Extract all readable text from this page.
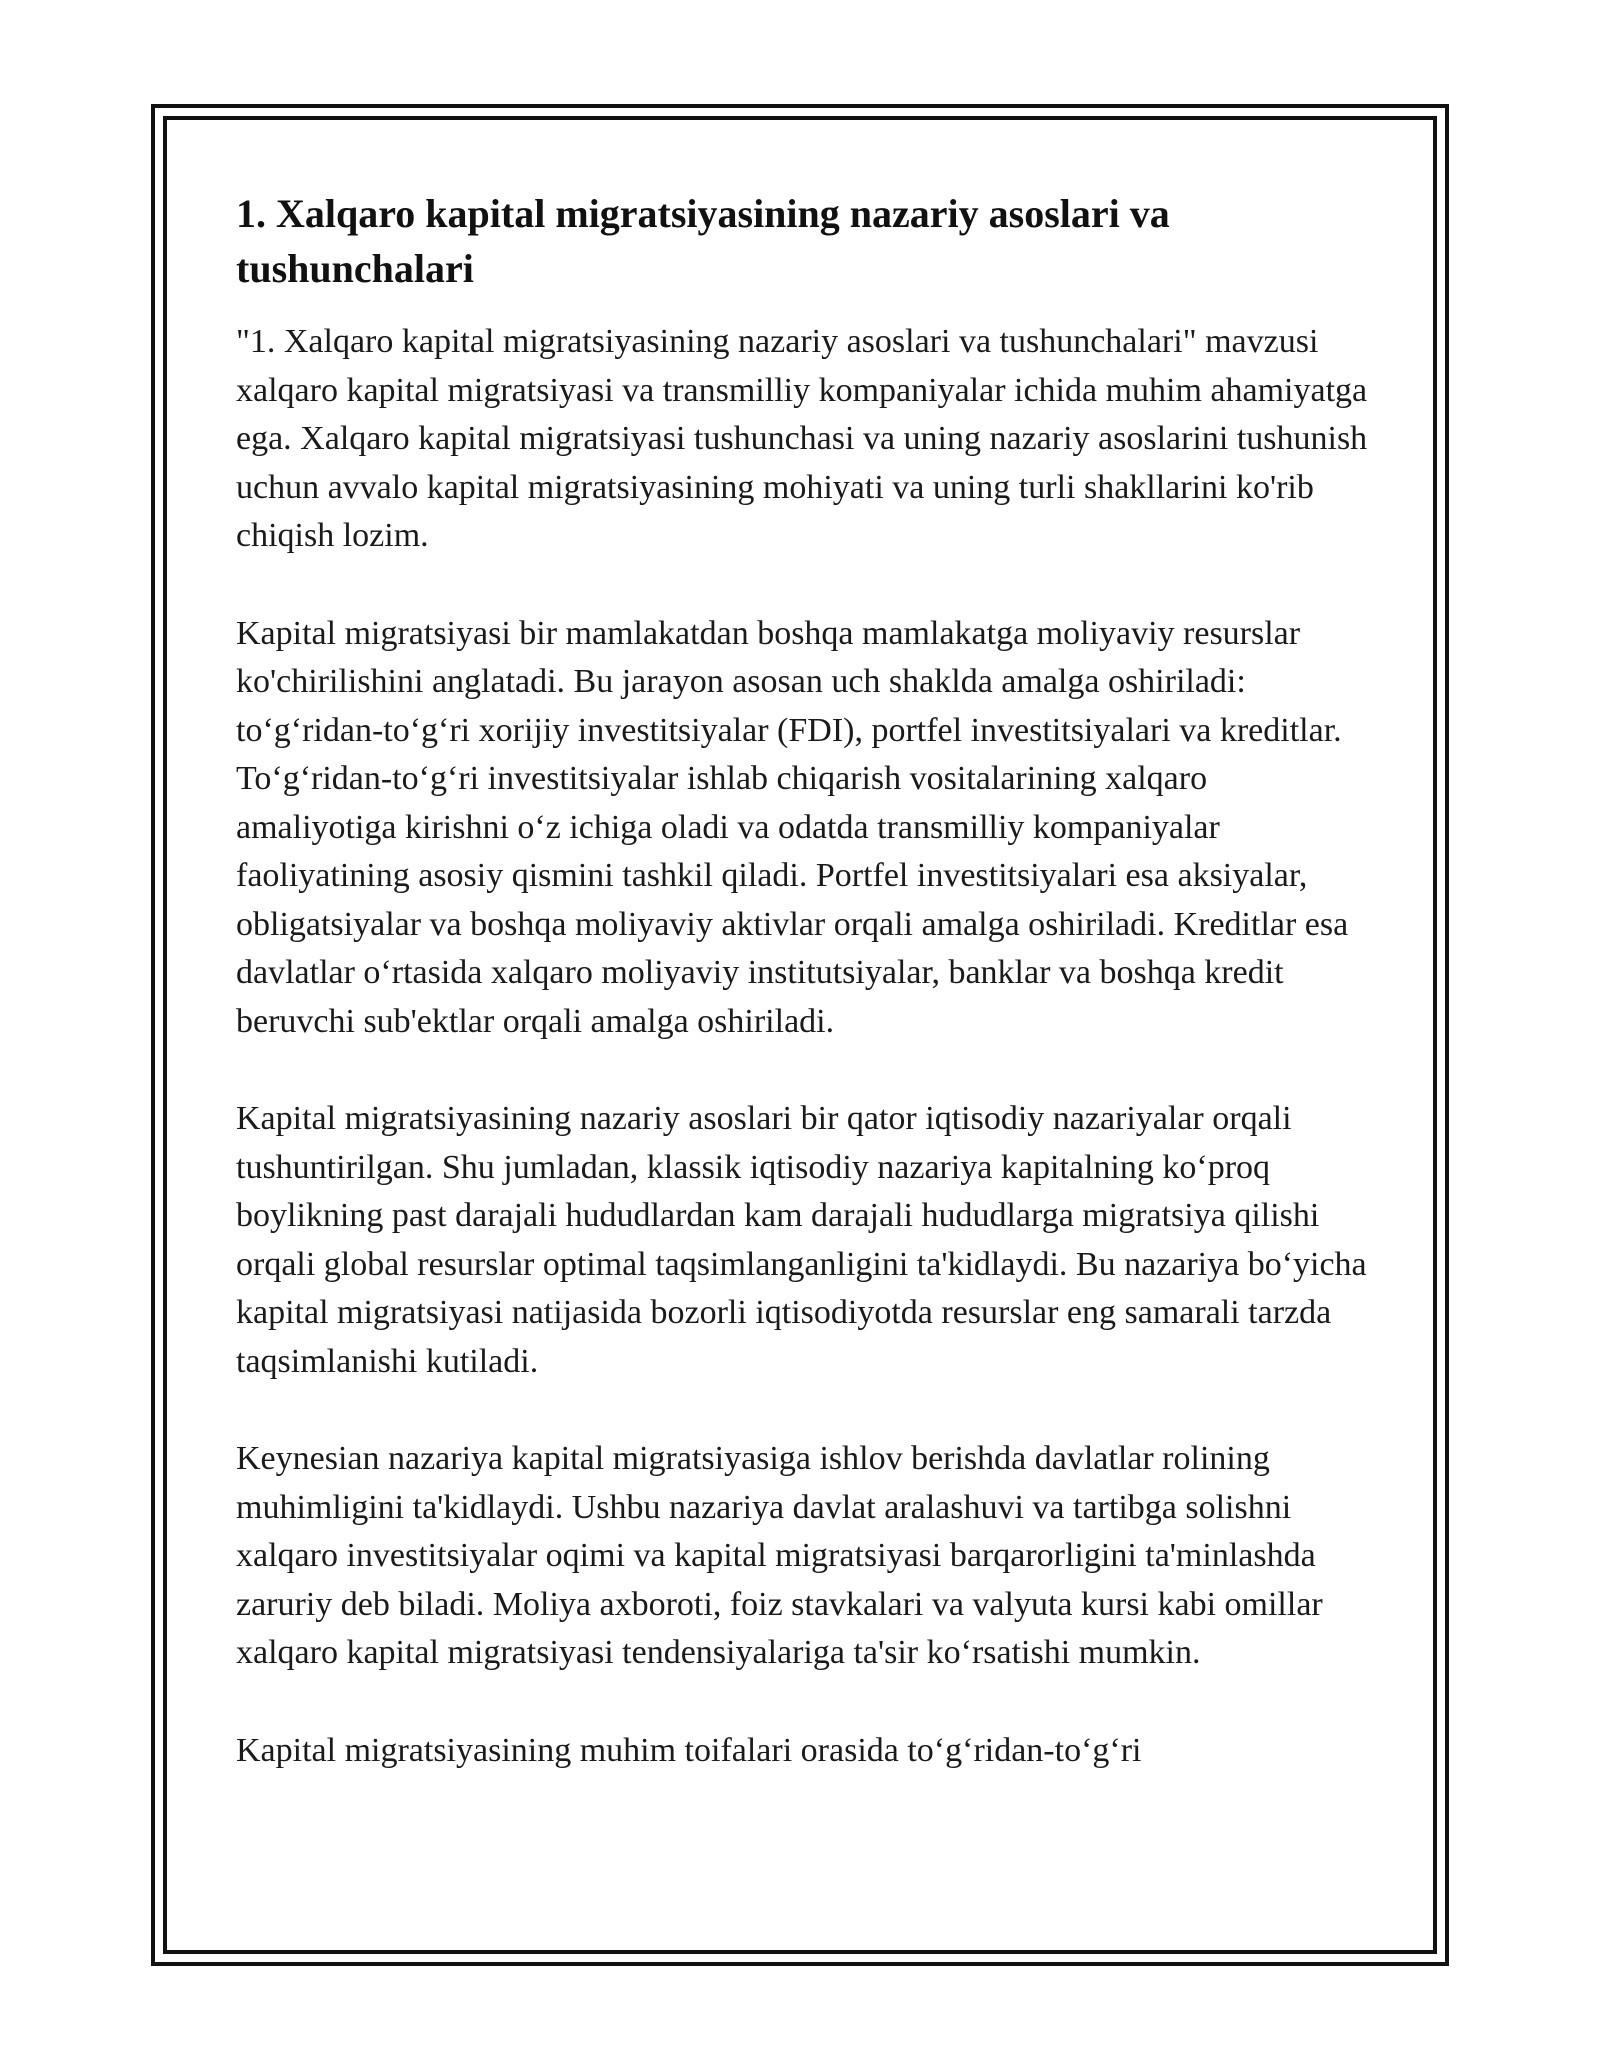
1. Xalqaro kapital migratsiyasining nazariy asoslari va tushunchalari

"1. Xalqaro kapital migratsiyasining nazariy asoslari va tushunchalari" mavzusi xalqaro kapital migratsiyasi va transmilliy kompaniyalar ichida muhim ahamiyatga ega. Xalqaro kapital migratsiyasi tushunchasi va uning nazariy asoslarini tushunish uchun avvalo kapital migratsiyasining mohiyati va uning turli shakllarini ko'rib chiqish lozim.

Kapital migratsiyasi bir mamlakatdan boshqa mamlakatga moliyaviy resurslar ko'chirilishini anglatadi. Bu jarayon asosan uch shaklda amalga oshiriladi: to‘g‘ridan-to‘g‘ri xorijiy investitsiyalar (FDI), portfel investitsiyalari va kreditlar. To‘g‘ridan-to‘g‘ri investitsiyalar ishlab chiqarish vositalarining xalqaro amaliyotiga kirishni o‘z ichiga oladi va odatda transmilliy kompaniyalar faoliyatining asosiy qismini tashkil qiladi. Portfel investitsiyalari esa aksiyalar, obligatsiyalar va boshqa moliyaviy aktivlar orqali amalga oshiriladi. Kreditlar esa davlatlar o‘rtasida xalqaro moliyaviy institutsiyalar, banklar va boshqa kredit beruvchi sub'ektlar orqali amalga oshiriladi.

Kapital migratsiyasining nazariy asoslari bir qator iqtisodiy nazariyalar orqali tushuntirilgan. Shu jumladan, klassik iqtisodiy nazariya kapitalning ko‘proq boylikning past darajali hududlardan kam darajali hududlarga migratsiya qilishi orqali global resurslar optimal taqsimlanganligini ta'kidlaydi. Bu nazariya bo‘yicha kapital migratsiyasi natijasida bozorli iqtisodiyotda resurslar eng samarali tarzda taqsimlanishi kutiladi.

Keynesian nazariya kapital migratsiyasiga ishlov berishda davlatlar rolining muhimligini ta'kidlaydi. Ushbu nazariya davlat aralashuvi va tartibga solishni xalqaro investitsiyalar oqimi va kapital migratsiyasi barqarorligini ta'minlashda zaruriy deb biladi. Moliya axboroti, foiz stavkalari va valyuta kursi kabi omillar xalqaro kapital migratsiyasi tendensiyalariga ta'sir ko‘rsatishi mumkin.

Kapital migratsiyasining muhim toifalari orasida to‘g‘ridan-to‘g‘ri
